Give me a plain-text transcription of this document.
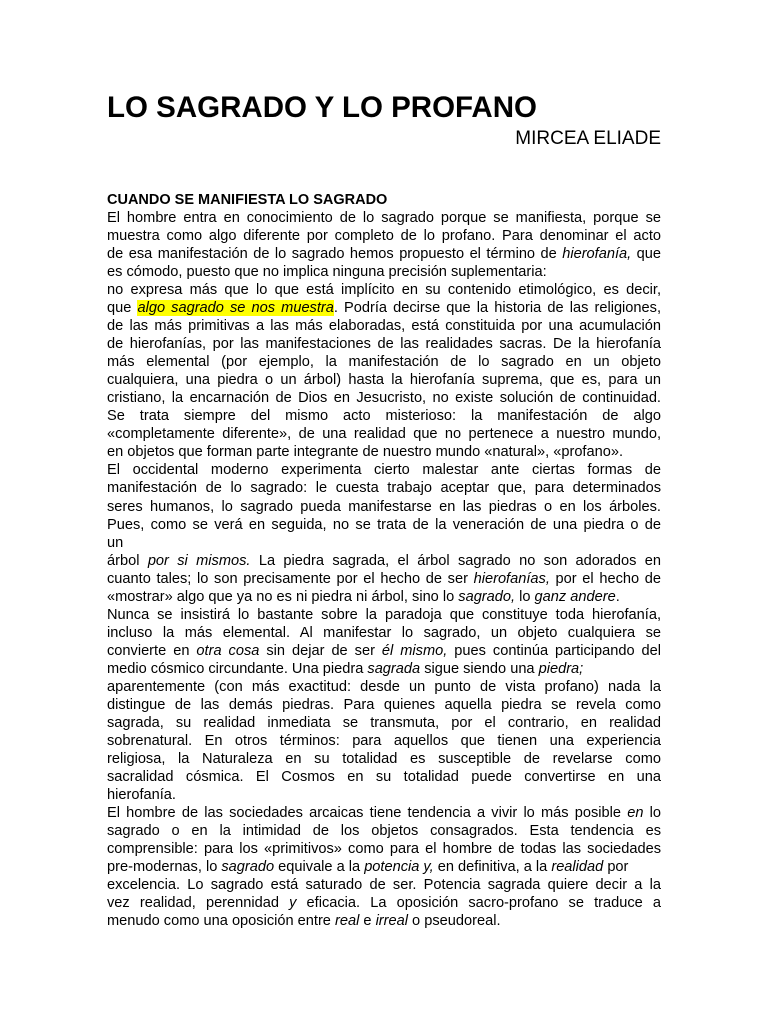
LO SAGRADO Y LO PROFANO
MIRCEA ELIADE
CUANDO SE MANIFIESTA LO SAGRADO
El hombre entra en conocimiento de lo sagrado porque se manifiesta, porque se
muestra como algo diferente por completo de lo profano. Para denominar el acto
de esa manifestación de lo sagrado hemos propuesto el término de hierofanía, que
es cómodo, puesto que no implica ninguna precisión suplementaria:
no expresa más que lo que está implícito en su contenido etimológico, es decir,
que algo sagrado se nos muestra. Podría decirse que la historia de las religiones,
de las más primitivas a las más elaboradas, está constituida por una acumulación
de hierofanías, por las manifestaciones de las realidades sacras. De la hierofanía
más elemental (por ejemplo, la manifestación de lo sagrado en un objeto
cualquiera, una piedra o un árbol) hasta la hierofanía suprema, que es, para un
cristiano, la encarnación de Dios en Jesucristo, no existe solución de continuidad.
Se trata siempre del mismo acto misterioso: la manifestación de algo
«completamente diferente», de una realidad que no pertenece a nuestro mundo,
en objetos que forman parte integrante de nuestro mundo «natural», «profano».
El occidental moderno experimenta cierto malestar ante ciertas formas de
manifestación de lo sagrado: le cuesta trabajo aceptar que, para determinados
seres humanos, lo sagrado pueda manifestarse en las piedras o en los árboles.
Pues, como se verá en seguida, no se trata de la veneración de una piedra o de
un
árbol por si mismos. La piedra sagrada, el árbol sagrado no son adorados en
cuanto tales; lo son precisamente por el hecho de ser hierofanías, por el hecho de
«mostrar» algo que ya no es ni piedra ni árbol, sino lo sagrado, lo ganz andere.
Nunca se insistirá lo bastante sobre la paradoja que constituye toda hierofanía,
incluso la más elemental. Al manifestar lo sagrado, un objeto cualquiera se
convierte en otra cosa sin dejar de ser él mismo, pues continúa participando del
medio cósmico circundante. Una piedra sagrada sigue siendo una piedra;
aparentemente (con más exactitud: desde un punto de vista profano) nada la
distingue de las demás piedras. Para quienes aquella piedra se revela como
sagrada, su realidad inmediata se transmuta, por el contrario, en realidad
sobrenatural. En otros términos: para aquellos que tienen una experiencia
religiosa, la Naturaleza en su totalidad es susceptible de revelarse como
sacralidad cósmica. El Cosmos en su totalidad puede convertirse en una
hierofanía.
El hombre de las sociedades arcaicas tiene tendencia a vivir lo más posible en lo
sagrado o en la intimidad de los objetos consagrados. Esta tendencia es
comprensible: para los «primitivos» como para el hombre de todas las sociedades
pre-modernas, lo sagrado equivale a la potencia y, en definitiva, a la realidad por
excelencia. Lo sagrado está saturado de ser. Potencia sagrada quiere decir a la
vez realidad, perennidad y eficacia. La oposición sacro-profano se traduce a
menudo como una oposición entre real e irreal o pseudoreal.
